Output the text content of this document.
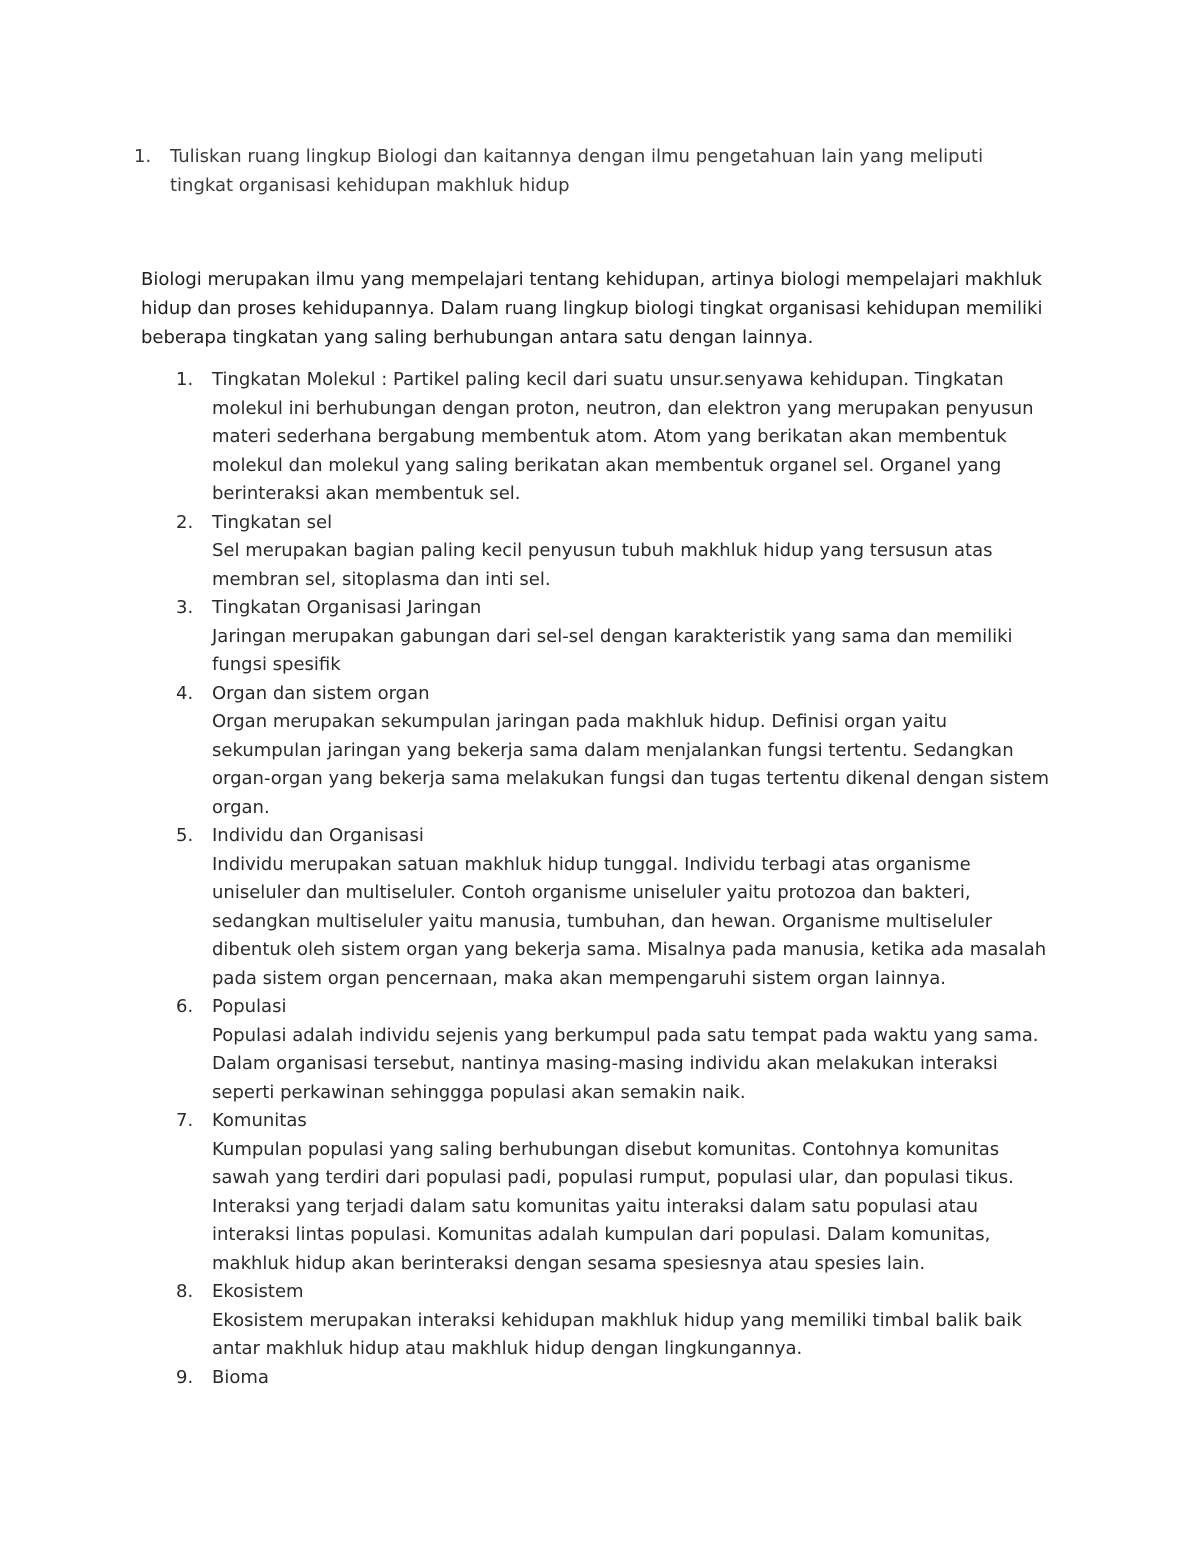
1. Tuliskan ruang lingkup Biologi dan kaitannya dengan ilmu pengetahuan lain yang meliputi tingkat organisasi kehidupan makhluk hidup

Biologi merupakan ilmu yang mempelajari tentang kehidupan, artinya biologi mempelajari makhluk hidup dan proses kehidupannya. Dalam ruang lingkup biologi tingkat organisasi kehidupan memiliki beberapa tingkatan yang saling berhubungan antara satu dengan lainnya.

1. Tingkatan Molekul : Partikel paling kecil dari suatu unsur.senyawa kehidupan. Tingkatan molekul ini berhubungan dengan proton, neutron, dan elektron yang merupakan penyusun materi sederhana bergabung membentuk atom. Atom yang berikatan akan membentuk molekul dan molekul yang saling berikatan akan membentuk organel sel. Organel yang berinteraksi akan membentuk sel.
2. Tingkatan sel
Sel merupakan bagian paling kecil penyusun tubuh makhluk hidup yang tersusun atas membran sel, sitoplasma dan inti sel.
3. Tingkatan Organisasi Jaringan
Jaringan merupakan gabungan dari sel-sel dengan karakteristik yang sama dan memiliki fungsi spesifik
4. Organ dan sistem organ
Organ merupakan sekumpulan jaringan pada makhluk hidup. Definisi organ yaitu sekumpulan jaringan yang bekerja sama dalam menjalankan fungsi tertentu. Sedangkan organ-organ yang bekerja sama melakukan fungsi dan tugas tertentu dikenal dengan sistem organ.
5. Individu dan Organisasi
Individu merupakan satuan makhluk hidup tunggal. Individu terbagi atas organisme uniseluler dan multiseluler. Contoh organisme uniseluler yaitu protozoa dan bakteri, sedangkan multiseluler yaitu manusia, tumbuhan, dan hewan. Organisme multiseluler dibentuk oleh sistem organ yang bekerja sama. Misalnya pada manusia, ketika ada masalah pada sistem organ pencernaan, maka akan mempengaruhi sistem organ lainnya.
6. Populasi
Populasi adalah individu sejenis yang berkumpul pada satu tempat pada waktu yang sama. Dalam organisasi tersebut, nantinya masing-masing individu akan melakukan interaksi seperti perkawinan sehinggga populasi akan semakin naik.
7. Komunitas
Kumpulan populasi yang saling berhubungan disebut komunitas. Contohnya komunitas sawah yang terdiri dari populasi padi, populasi rumput, populasi ular, dan populasi tikus. Interaksi yang terjadi dalam satu komunitas yaitu interaksi dalam satu populasi atau interaksi lintas populasi. Komunitas adalah kumpulan dari populasi. Dalam komunitas, makhluk hidup akan berinteraksi dengan sesama spesiesnya atau spesies lain.
8. Ekosistem
Ekosistem merupakan interaksi kehidupan makhluk hidup yang memiliki timbal balik baik antar makhluk hidup atau makhluk hidup dengan lingkungannya.
9. Bioma
